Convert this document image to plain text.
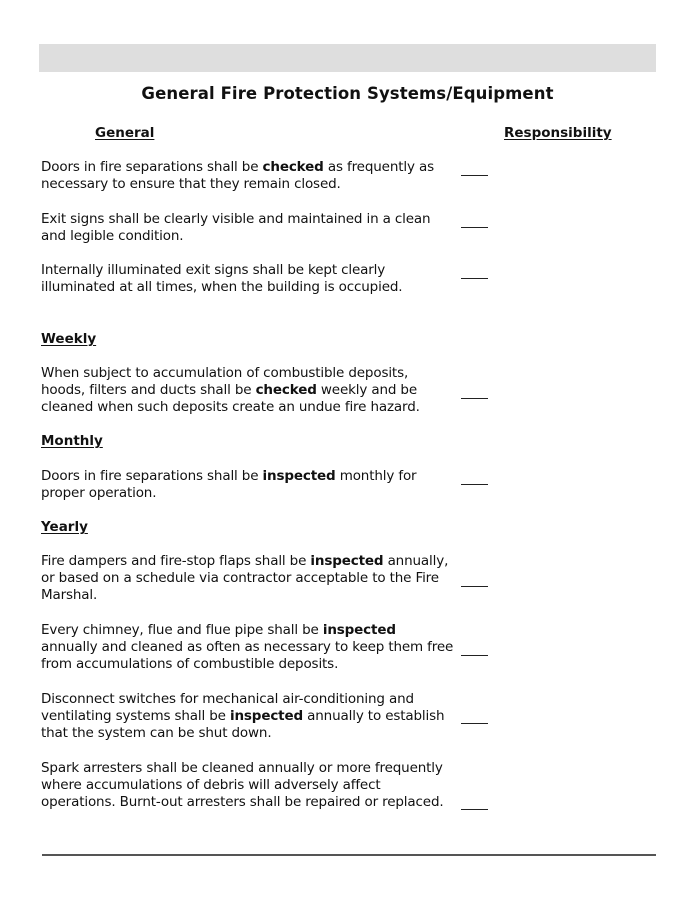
General Fire Protection Systems/Equipment
General	Responsibility
Doors in fire separations shall be checked as frequently as necessary to ensure that they remain closed.
Exit signs shall be clearly visible and maintained in a clean and legible condition.
Internally illuminated exit signs shall be kept clearly illuminated at all times, when the building is occupied.
Weekly
When subject to accumulation of combustible deposits, hoods, filters and ducts shall be checked weekly and be cleaned when such deposits create an undue fire hazard.
Monthly
Doors in fire separations shall be inspected monthly for proper operation.
Yearly
Fire dampers and fire-stop flaps shall be inspected annually, or based on a schedule via contractor acceptable to the Fire Marshal.
Every chimney, flue and flue pipe shall be inspected annually and cleaned as often as necessary to keep them free from accumulations of combustible deposits.
Disconnect switches for mechanical air-conditioning and ventilating systems shall be inspected annually to establish that the system can be shut down.
Spark arresters shall be cleaned annually or more frequently where accumulations of debris will adversely affect operations. Burnt-out arresters shall be repaired or replaced.
